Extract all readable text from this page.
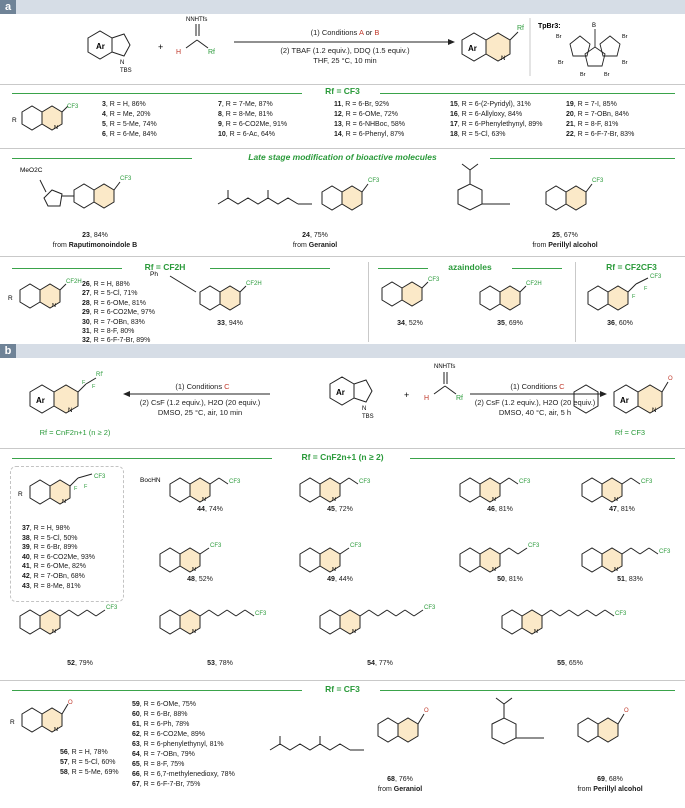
a
Ar
N
TBS
+
NNHTfs
H	Rf	Ar
N
Rf TpBr3:	B
Br
Br
Br
Br
Br	Br
(1) Conditions A or B
(2) TBAF (1.2 equiv.), DDQ (1.5 equiv.)
THF, 25 °C, 10 min
Rf = CF3
R
N
CF3	3, R = H, 86%
4, R = Me, 20%
5, R = 5-Me, 74%
6, R = 6-Me, 84%
7, R = 7-Me, 87%
8, R = 8-Me, 81%
9, R = 6-CO2Me, 91%
10, R = 6-Ac, 64%
11, R = 6-Br, 92%
12, R = 6-OMe, 72%
13, R = 6-NHBoc, 58%
14, R = 6-Phenyl, 87%
15, R = 6-(2-Pyridyl), 31%
16, R = 6-Allyloxy, 84%
17, R = 6-Phenylethynyl, 89%
18, R = 5-Cl, 63%
19, R = 7-I, 85%
20, R = 7-OBn, 84%
21, R = 8-F, 81%
22, R = 6-F-7-Br, 83%
Late stage modification of bioactive molecules
MeO2C
CF3	CF3	CF3
23, 84%
from Raputimonoindole B
24, 75%
from Geraniol
25, 67%
from Perillyl alcohol
Rf = CF2H	azaindoles	Rf = CF2CF3
R
N
CF2H
Ph
CF2H
CF3
CF2H
F
F
CF3
26, R = H, 88%
27, R = 5-Cl, 71%
28, R = 6-OMe, 81%
29, R = 6-CO2Me, 97%
30, R = 7-OBn, 83%
31, R = 8-F, 80%
32, R = 6-F-7-Br, 89%
33, 94%	34, 52%	35, 69%	36, 60%
b
Ar
N
F
F
Rf'
Ar
N
TBS
+
NNHTfs
H	Rf	Ar
N
O
(1) Conditions C
(2) CsF (1.2 equiv.), H2O (20 equiv.)
DMSO, 25 °C, air, 10 min
(1) Conditions C
(2) CsF (1.2 equiv.), H2O (20 equiv.)
DMSO, 40 °C, air, 5 h
Rf = CnF2n+1 (n ≥ 2)	Rf = CF3
Rf = CnF2n+1 (n ≥ 2)
R
N
F F
CF3
37, R = H, 98%
38, R = 5-Cl, 50%
39, R = 6-Br, 89%
40, R = 6-CO2Me, 93%
41, R = 6-OMe, 82%
42, R = 7-OBn, 68%
43, R = 8-Me, 81%
CF3
N
CF3
N
CF3
N
CF3
N
CF3
N
CF3
N
CF3
N
CF3
N
CF3
N
CF3
N
CF3
N
CF3
N
BocHN
44, 74%	45, 72%	46, 81%	47, 81%
48, 52%	49, 44%	50, 81%	51, 83%
52, 79%	53, 78%	54, 77%	55, 65%
Rf = CF3
R
N
O
56, R = H, 78%
57, R = 5-Cl, 60%
58, R = 5-Me, 69%
59, R = 6-OMe, 75%
60, R = 6-Br, 88%
61, R = 6-Ph, 78%
62, R = 6-CO2Me, 89%
63, R = 6-phenylethynyl, 81%
64, R = 7-OBn, 79%
65, R = 8-F, 75%
66, R = 6,7-methylenedioxy, 78%
67, R = 6-F-7-Br, 75%
O	O
68, 76%
from Geraniol
69, 68%
from Perillyl alcohol
